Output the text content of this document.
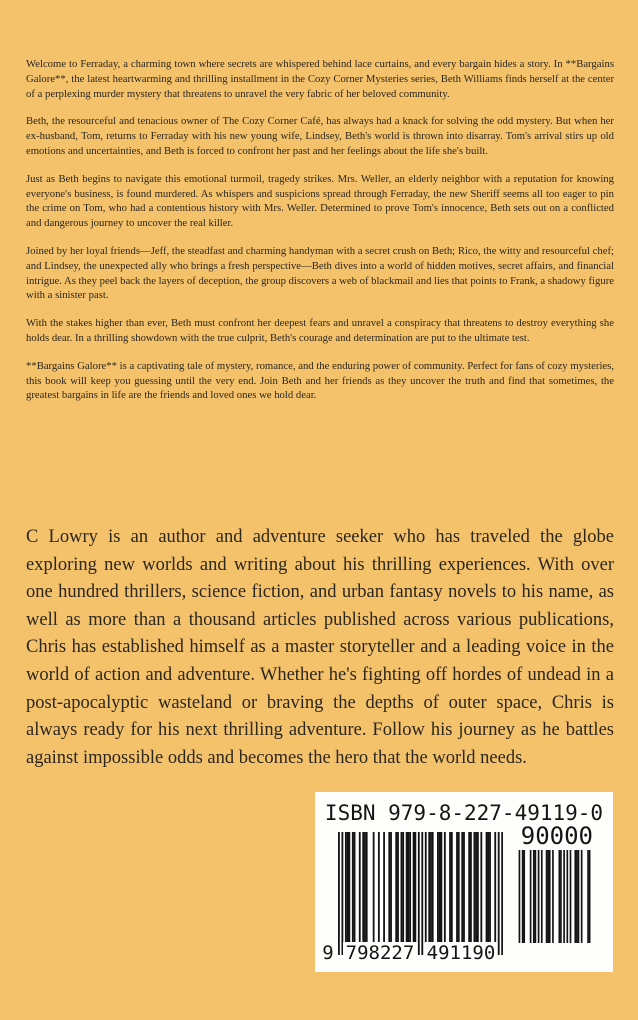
Welcome to Ferraday, a charming town where secrets are whispered behind lace curtains, and every bargain hides a story. In **Bargains Galore**, the latest heartwarming and thrilling installment in the Cozy Corner Mysteries series, Beth Williams finds herself at the center of a perplexing murder mystery that threatens to unravel the very fabric of her beloved community.

Beth, the resourceful and tenacious owner of The Cozy Corner Café, has always had a knack for solving the odd mystery. But when her ex-husband, Tom, returns to Ferraday with his new young wife, Lindsey, Beth's world is thrown into disarray. Tom's arrival stirs up old emotions and uncertainties, and Beth is forced to confront her past and her feelings about the life she's built.

Just as Beth begins to navigate this emotional turmoil, tragedy strikes. Mrs. Weller, an elderly neighbor with a reputation for knowing everyone's business, is found murdered. As whispers and suspicions spread through Ferraday, the new Sheriff seems all too eager to pin the crime on Tom, who had a contentious history with Mrs. Weller. Determined to prove Tom's innocence, Beth sets out on a conflicted and dangerous journey to uncover the real killer.

Joined by her loyal friends—Jeff, the steadfast and charming handyman with a secret crush on Beth; Rico, the witty and resourceful chef; and Lindsey, the unexpected ally who brings a fresh perspective—Beth dives into a world of hidden motives, secret affairs, and financial intrigue. As they peel back the layers of deception, the group discovers a web of blackmail and lies that points to Frank, a shadowy figure with a sinister past.

With the stakes higher than ever, Beth must confront her deepest fears and unravel a conspiracy that threatens to destroy everything she holds dear. In a thrilling showdown with the true culprit, Beth's courage and determination are put to the ultimate test.

**Bargains Galore** is a captivating tale of mystery, romance, and the enduring power of community. Perfect for fans of cozy mysteries, this book will keep you guessing until the very end. Join Beth and her friends as they uncover the truth and find that sometimes, the greatest bargains in life are the friends and loved ones we hold dear.

C Lowry is an author and adventure seeker who has traveled the globe exploring new worlds and writing about his thrilling experiences. With over one hundred thrillers, science fiction, and urban fantasy novels to his name, as well as more than a thousand articles published across various publications, Chris has established himself as a master storyteller and a leading voice in the world of action and adventure. Whether he's fighting off hordes of undead in a post-apocalyptic wasteland or braving the depths of outer space, Chris is always ready for his next thrilling adventure. Follow his journey as he battles against impossible odds and becomes the hero that the world needs.

ISBN 979-8-227-49119-0
90000
9 798227 491190
